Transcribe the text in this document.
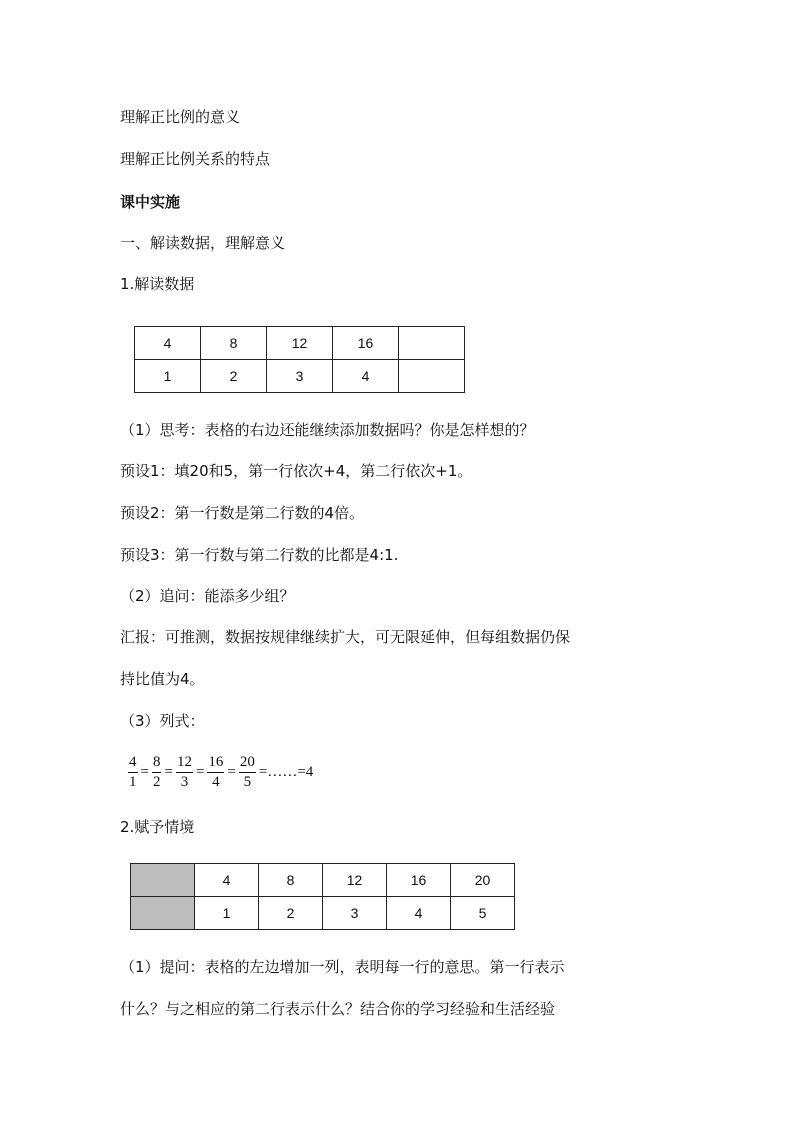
理解正比例的意义
理解正比例关系的特点
课中实施
一、解读数据，理解意义
1.解读数据
4	8	12	16	
1	2	3	4	
（1）思考：表格的右边还能继续添加数据吗？你是怎样想的？
预设1：填20和5，第一行依次+4，第二行依次+1。
预设2：第一行数是第二行数的4倍。
预设3：第一行数与第二行数的比都是4:1.
（2）追问：能添多少组？
汇报：可推测，数据按规律继续扩大，可无限延伸，但每组数据仍保
持比值为4。
（3）列式：
$\frac{4}{1} = \frac{8}{2} = \frac{12}{3} = \frac{16}{4} = \frac{20}{5}$ =……=4
2.赋予情境
	4	8	12	16	20
	1	2	3	4	5
（1）提问：表格的左边增加一列，表明每一行的意思。第一行表示
什么？与之相应的第二行表示什么？结合你的学习经验和生活经验
